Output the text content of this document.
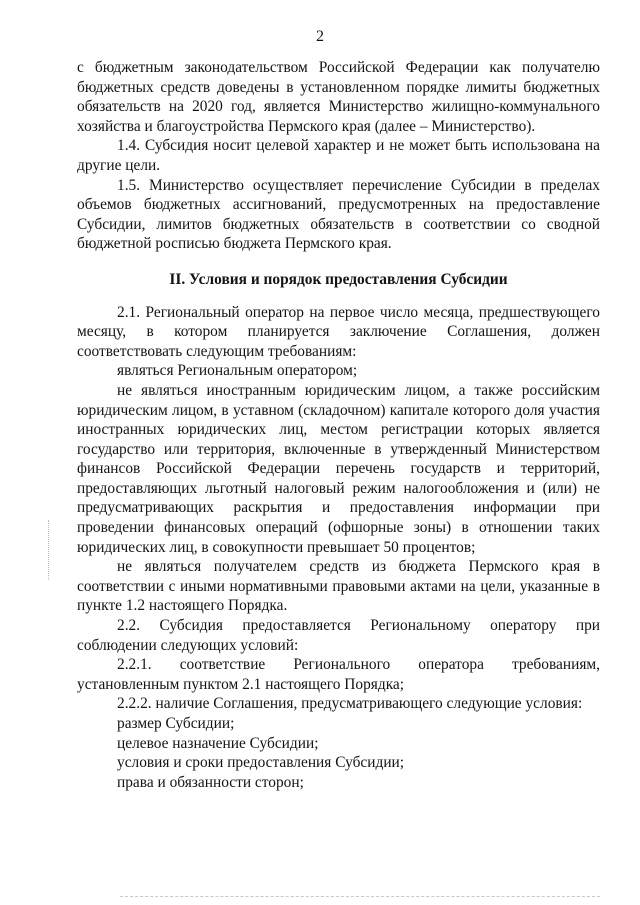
2

с бюджетным законодательством Российской Федерации как получателю бюджетных средств доведены в установленном порядке лимиты бюджетных обязательств на 2020 год, является Министерство жилищно-коммунального хозяйства и благоустройства Пермского края (далее – Министерство).

1.4. Субсидия носит целевой характер и не может быть использована на другие цели.

1.5. Министерство осуществляет перечисление Субсидии в пределах объемов бюджетных ассигнований, предусмотренных на предоставление Субсидии, лимитов бюджетных обязательств в соответствии со сводной бюджетной росписью бюджета Пермского края.

II. Условия и порядок предоставления Субсидии

2.1. Региональный оператор на первое число месяца, предшествующего месяцу, в котором планируется заключение Соглашения, должен соответствовать следующим требованиям:

являться Региональным оператором;

не являться иностранным юридическим лицом, а также российским юридическим лицом, в уставном (складочном) капитале которого доля участия иностранных юридических лиц, местом регистрации которых является государство или территория, включенные в утвержденный Министерством финансов Российской Федерации перечень государств и территорий, предоставляющих льготный налоговый режим налогообложения и (или) не предусматривающих раскрытия и предоставления информации при проведении финансовых операций (офшорные зоны) в отношении таких юридических лиц, в совокупности превышает 50 процентов;

не являться получателем средств из бюджета Пермского края в соответствии с иными нормативными правовыми актами на цели, указанные в пункте 1.2 настоящего Порядка.

2.2. Субсидия предоставляется Региональному оператору при соблюдении следующих условий:

2.2.1. соответствие Регионального оператора требованиям, установленным пунктом 2.1 настоящего Порядка;

2.2.2. наличие Соглашения, предусматривающего следующие условия:

размер Субсидии;

целевое назначение Субсидии;

условия и сроки предоставления Субсидии;

права и обязанности сторон;
